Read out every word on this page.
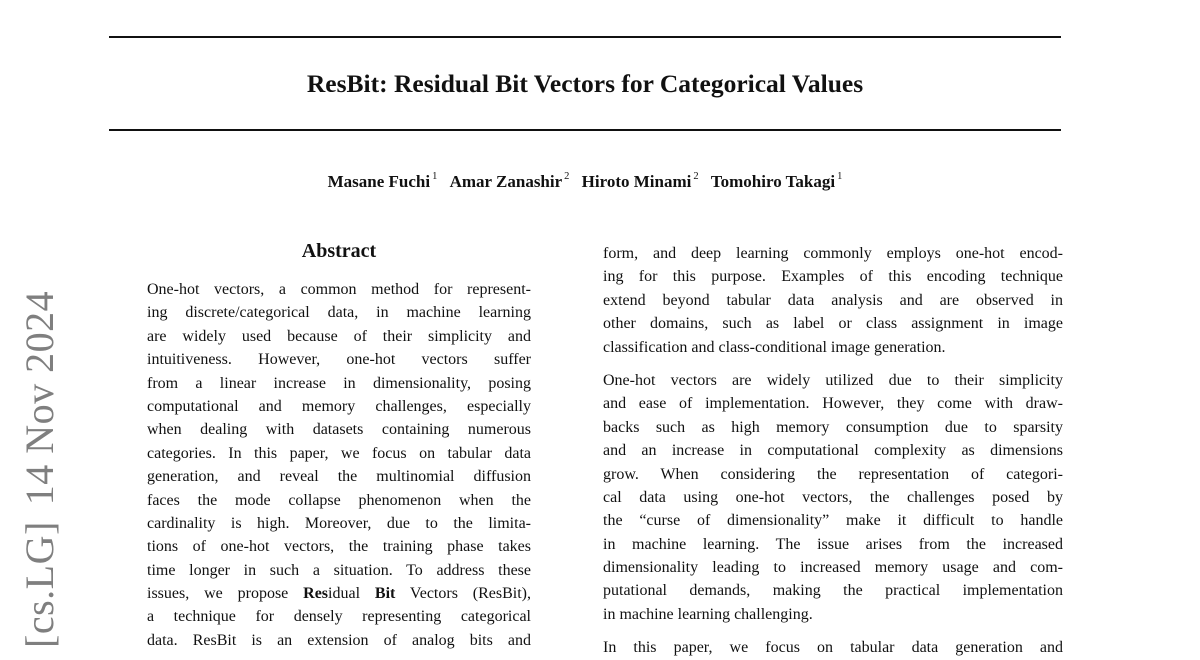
ResBit: Residual Bit Vectors for Categorical Values
Masane Fuchi $^1$ Amar Zanashir $^2$ Hiroto Minami $^2$ Tomohiro Takagi $^1$
[cs.LG]14 Nov 2024
Abstract
One-hot vectors, a common method for represent-
ing discrete/categorical data, in machine learning
are widely used because of their simplicity and
intuitiveness. However, one-hot vectors suffer
from a linear increase in dimensionality, posing
computational and memory challenges, especially
when dealing with datasets containing numerous
categories. In this paper, we focus on tabular data
generation, and reveal the multinomial diffusion
faces the mode collapse phenomenon when the
cardinality is high. Moreover, due to the limita-
tions of one-hot vectors, the training phase takes
time longer in such a situation. To address these
issues, we propose Residual Bit Vectors (ResBit),
a technique for densely representing categorical
data. ResBit is an extension of analog bits and
form, and deep learning commonly employs one-hot encod-
ing for this purpose. Examples of this encoding technique
extend beyond tabular data analysis and are observed in
other domains, such as label or class assignment in image
classification and class-conditional image generation.
One-hot vectors are widely utilized due to their simplicity
and ease of implementation. However, they come with draw-
backs such as high memory consumption due to sparsity
and an increase in computational complexity as dimensions
grow. When considering the representation of categori-
cal data using one-hot vectors, the challenges posed by
the “curse of dimensionality” make it difficult to handle
in machine learning. The issue arises from the increased
dimensionality leading to increased memory usage and com-
putational demands, making the practical implementation
in machine learning challenging.
In this paper, we focus on tabular data generation and
